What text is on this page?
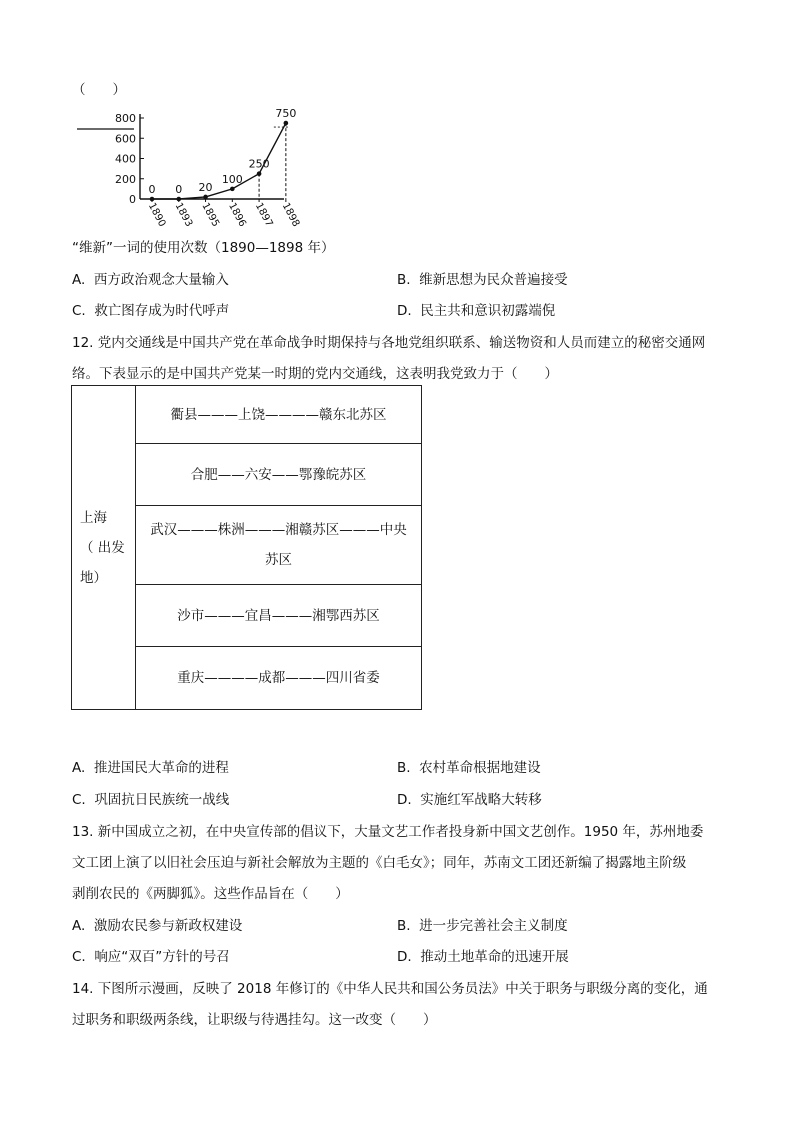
（　　）
0
200
400
600
800
1890 1893 1895 1896 1897 1898
0 0 20
100
250
750
“维新”一词的使用次数（1890—1898 年）
A. 西方政治观念大量输入	B. 维新思想为民众普遍接受
C. 救亡图存成为时代呼声	D. 民主共和意识初露端倪
12. 党内交通线是中国共产党在革命战争时期保持与各地党组织联系、输送物资和人员而建立的秘密交通网
络。下表显示的是中国共产党某一时期的党内交通线，这表明我党致力于（　　）
上海
（ 出发
地）
	衢县———上饶————赣东北苏区
合肥——六安——鄂豫皖苏区

武汉———株洲———湘赣苏区———中央
苏区

沙市———宜昌———湘鄂西苏区
重庆————成都———四川省委
A. 推进国民大革命的进程	B. 农村革命根据地建设
C. 巩固抗日民族统一战线	D. 实施红军战略大转移
13. 新中国成立之初，在中央宣传部的倡议下，大量文艺工作者投身新中国文艺创作。1950 年，苏州地委
文工团上演了以旧社会压迫与新社会解放为主题的《白毛女》；同年，苏南文工团还新编了揭露地主阶级
剥削农民的《两脚狐》。这些作品旨在（　　）
A. 激励农民参与新政权建设	B. 进一步完善社会主义制度
C. 响应“双百”方针的号召	D. 推动土地革命的迅速开展
14. 下图所示漫画，反映了 2018 年修订的《中华人民共和国公务员法》中关于职务与职级分离的变化，通
过职务和职级两条线，让职级与待遇挂勾。这一改变（　　）
